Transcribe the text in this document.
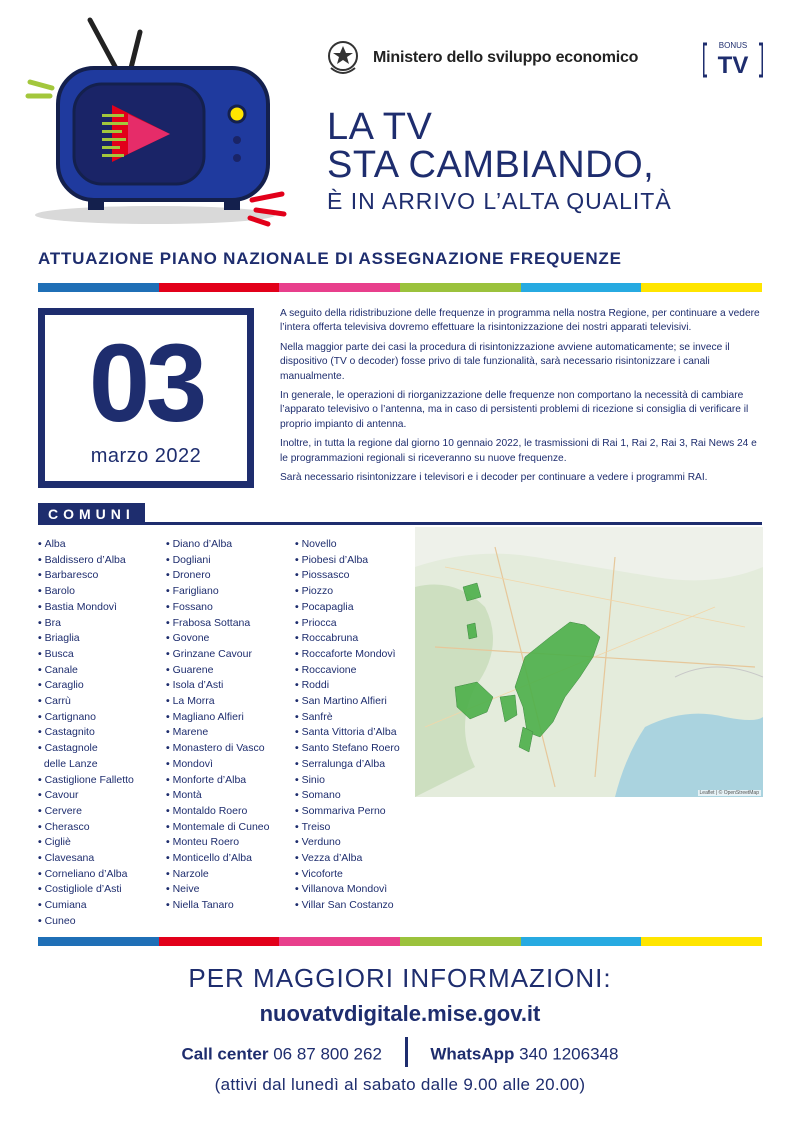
Ministero dello sviluppo economico
BONUS
TV
LA TV
STA CAMBIANDO,
È IN ARRIVO L’ALTA QUALITÀ
ATTUAZIONE PIANO NAZIONALE DI ASSEGNAZIONE FREQUENZE
03
marzo 2022

A seguito della ridistribuzione delle frequenze in programma nella nostra Regione, per continuare a vedere l’intera offerta televisiva dovremo effettuare la risintonizzazione dei nostri apparati televisivi.

Nella maggior parte dei casi la procedura di risintonizzazione avviene automaticamente; se invece il dispositivo (TV o decoder) fosse privo di tale funzionalità, sarà necessario risintonizzare i canali manualmente.

In generale, le operazioni di riorganizzazione delle frequenze non comportano la necessità di cambiare l’apparato televisivo o l’antenna, ma in caso di persistenti problemi di ricezione si consiglia di verificare il proprio impianto di antenna.

Inoltre, in tutta la regione dal giorno 10 gennaio 2022, le trasmissioni di Rai 1, Rai 2, Rai 3, Rai News 24 e le programmazioni regionali si riceveranno su nuove frequenze.

Sarà necessario risintonizzare i televisori e i decoder per continuare a vedere i programmi RAI.

COMUNI
• Alba
• Baldissero d’Alba
• Barbaresco
• Barolo
• Bastia Mondovì
• Bra
• Briaglia
• Busca
• Canale
• Caraglio
• Carrù
• Cartignano
• Castagnito
• Castagnole
delle Lanze
• Castiglione Falletto
• Cavour
• Cervere
• Cherasco
• Cigliè
• Clavesana
• Corneliano d’Alba
• Costigliole d’Asti
• Cumiana
• Cuneo
• Diano d’Alba
• Dogliani
• Dronero
• Farigliano
• Fossano
• Frabosa Sottana
• Govone
• Grinzane Cavour
• Guarene
• Isola d’Asti
• La Morra
• Magliano Alfieri
• Marene
• Monastero di Vasco
• Mondovì
• Monforte d’Alba
• Montà
• Montaldo Roero
• Montemale di Cuneo
• Monteu Roero
• Monticello d’Alba
• Narzole
• Neive
• Niella Tanaro
• Novello
• Piobesi d’Alba
• Piossasco
• Piozzo
• Pocapaglia
• Priocca
• Roccabruna
• Roccaforte Mondovì
• Roccavione
• Roddi
• San Martino Alfieri
• Sanfrè
• Santa Vittoria d’Alba
• Santo Stefano Roero
• Serralunga d’Alba
• Sinio
• Somano
• Sommariva Perno
• Treiso
• Verduno
• Vezza d’Alba
• Vicoforte
• Villanova Mondovì
• Villar San Costanzo
Leaflet | © OpenStreetMap
PER MAGGIORI INFORMAZIONI:
nuovatvdigitale.mise.gov.it
Call center 06 87 800 262	WhatsApp 340 1206348
(attivi dal lunedì al sabato dalle 9.00 alle 20.00)
